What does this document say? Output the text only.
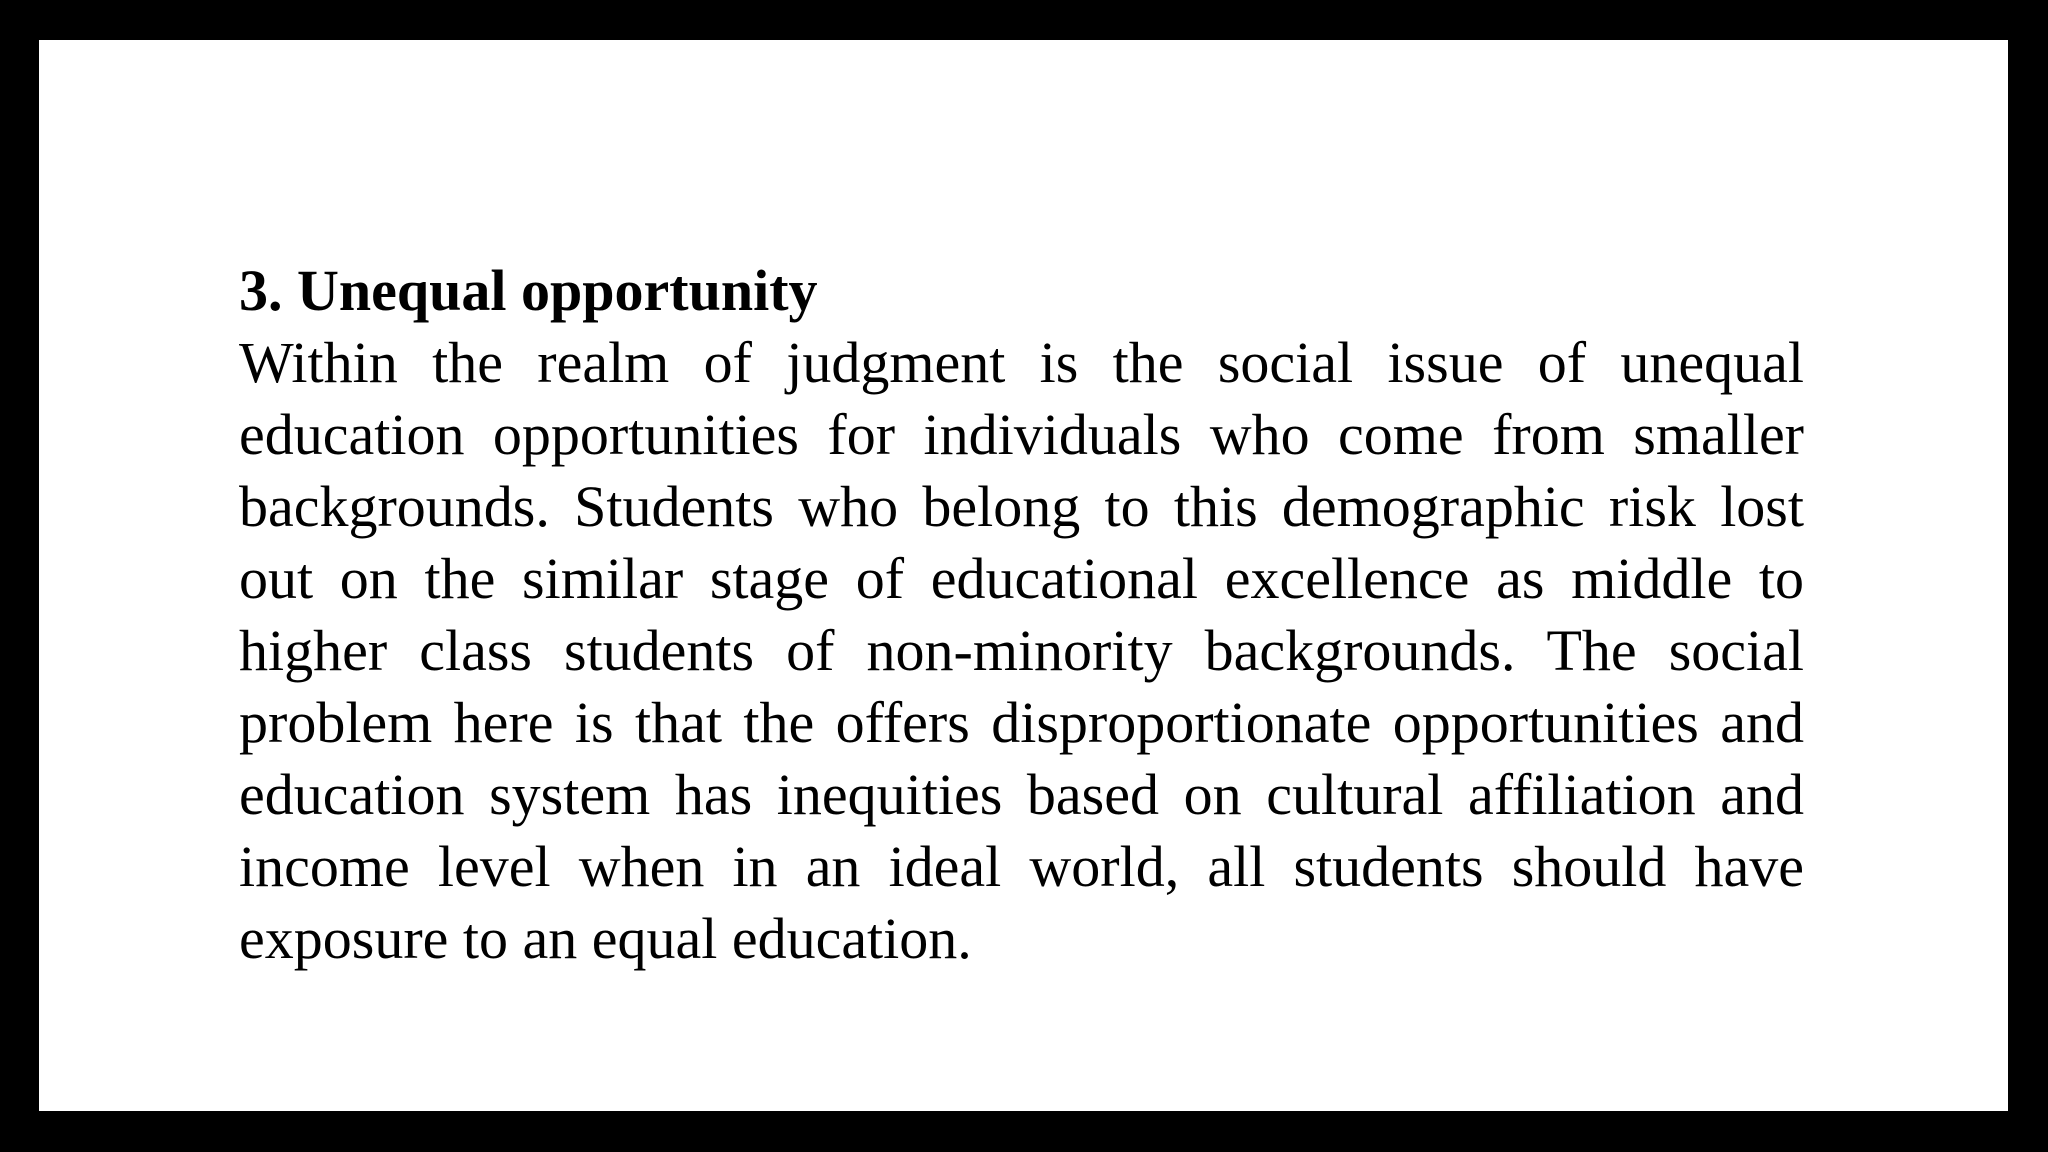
3. Unequal opportunity
Within the realm of judgment is the social issue of unequal
education opportunities for individuals who come from smaller
backgrounds. Students who belong to this demographic risk lost
out on the similar stage of educational excellence as middle to
higher class students of non-minority backgrounds. The social
problem here is that the offers disproportionate opportunities and
education system has inequities based on cultural affiliation and
income level when in an ideal world, all students should have
exposure to an equal education.
